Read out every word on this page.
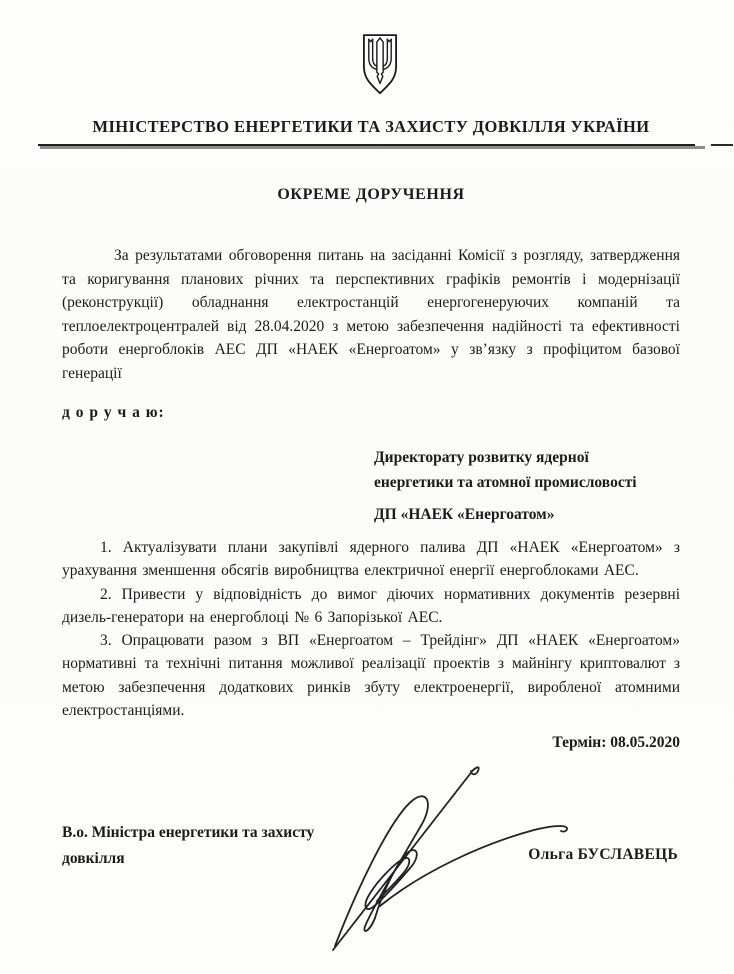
МІНІСТЕРСТВО ЕНЕРГЕТИКИ ТА ЗАХИСТУ ДОВКІЛЛЯ УКРАЇНИ
ОКРЕМЕ ДОРУЧЕННЯ

За результатами обговорення питань на засіданні Комісії з розгляду, затвердження та коригування планових річних та перспективних графіків ремонтів і модернізації (реконструкції) обладнання електростанцій енергогенеруючих компаній та теплоелектроцентралей від 28.04.2020 з метою забезпечення надійності та ефективності роботи енергоблоків АЕС ДП «НАЕК «Енергоатом» у зв’язку з профіцитом базової генерації

д о р у ч а ю:
Директорату розвитку ядерної
енергетики та атомної промисловості
ДП «НАЕК «Енергоатом»

1. Актуалізувати плани закупівлі ядерного палива ДП «НАЕК «Енергоатом» з урахування зменшення обсягів виробництва електричної енергії енергоблоками АЕС.

2. Привести у відповідність до вимог діючих нормативних документів резервні дизель-генератори на енергоблоці № 6 Запорізької АЕС.

3. Опрацювати разом з ВП «Енергоатом – Трейдінг» ДП «НАЕК «Енергоатом» нормативні та технічні питання можливої реалізації проектів з майнінгу криптовалют з метою забезпечення додаткових ринків збуту електроенергії, виробленої атомними електростанціями.

Термін: 08.05.2020
В.о. Міністра енергетики та захисту довкілля	Ольга БУСЛАВЕЦЬ
